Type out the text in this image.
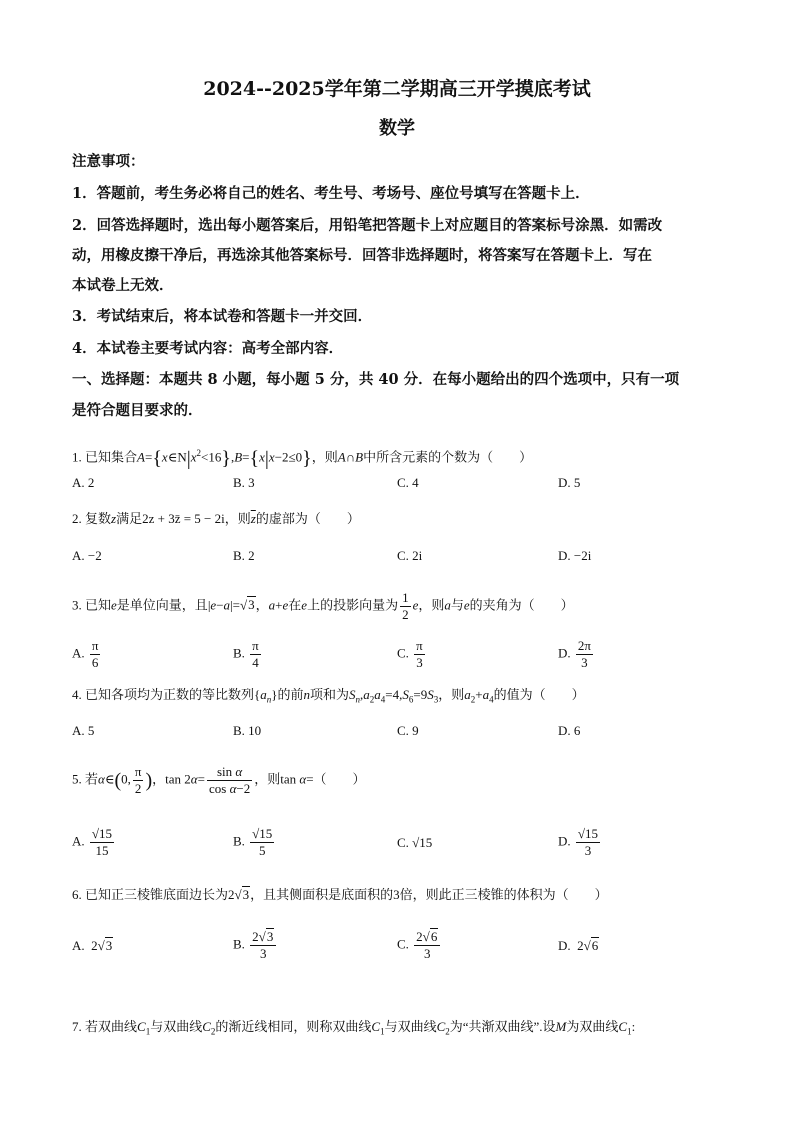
2024--2025学年第二学期高三开学摸底考试
数学
注意事项：
1．答题前，考生务必将自己的姓名、考生号、考场号、座位号填写在答题卡上．
2．回答选择题时，选出每小题答案后，用铅笔把答题卡上对应题目的答案标号涂黑．如需改
动，用橡皮擦干净后，再选涂其他答案标号．回答非选择题时，将答案写在答题卡上．写在
本试卷上无效．
3．考试结束后，将本试卷和答题卡一并交回．
4．本试卷主要考试内容：高考全部内容．
一、选择题：本题共 8 小题，每小题 5 分，共 40 分．在每小题给出的四个选项中，只有一项
是符合题目要求的．
1. 已知集合$A=\{x\in N|x^2<16\},B=\{x|x-2\le 0\}$，则A∩B中所含元素的个数为（　　）
A. 2	B. 3	C. 4	D. 5
2. 复数z满足2z + 3z̄ = 5 − 2i，则$\overline{z}$的虚部为（　　）
A. −2	B. 2	C. 2i	D. −2i
3. 已知e是单位向量，且|e−a|=√3，a+e在e上的投影向量为 $\frac{1}{2}$ e，则a与e的夹角为（　　）
A. $\frac{\pi}{6}$	B. $\frac{\pi}{4}$	C. $\frac{\pi}{3}$	D. $\frac{2\pi}{3}$
4. 已知各项均为正数的等比数列$\{a_n\}$的前n项和为$S_n,a_2a_4=4,S_6=9S_3$，则$a_2+a_4$的值为（　　）
A. 5	B. 10	C. 9	D. 6
5. 若α∈(0, $\frac{\pi}{2}$ )，$\tan 2\alpha= \frac{\text{sin α}}{\text{cos α−2}}$ ，则tan α=（　　）
A. $\frac{√15}{15}$	B. $\frac{√15}{5}$	C. √15	D. $\frac{√15}{3}$
6. 已知正三棱锥底面边长为2√3，且其侧面积是底面积的3倍，则此正三棱锥的体积为（　　）
A.  2√3	B. $\frac{2√3}{3}$	C. $\frac{2√6}{3}$	D.  2√6
7. 若双曲线$C_1$与双曲线$C_2$的渐近线相同，则称双曲线$C_1$与双曲线$C_2$为“共渐双曲线”.设M为双曲线$C_1$:
